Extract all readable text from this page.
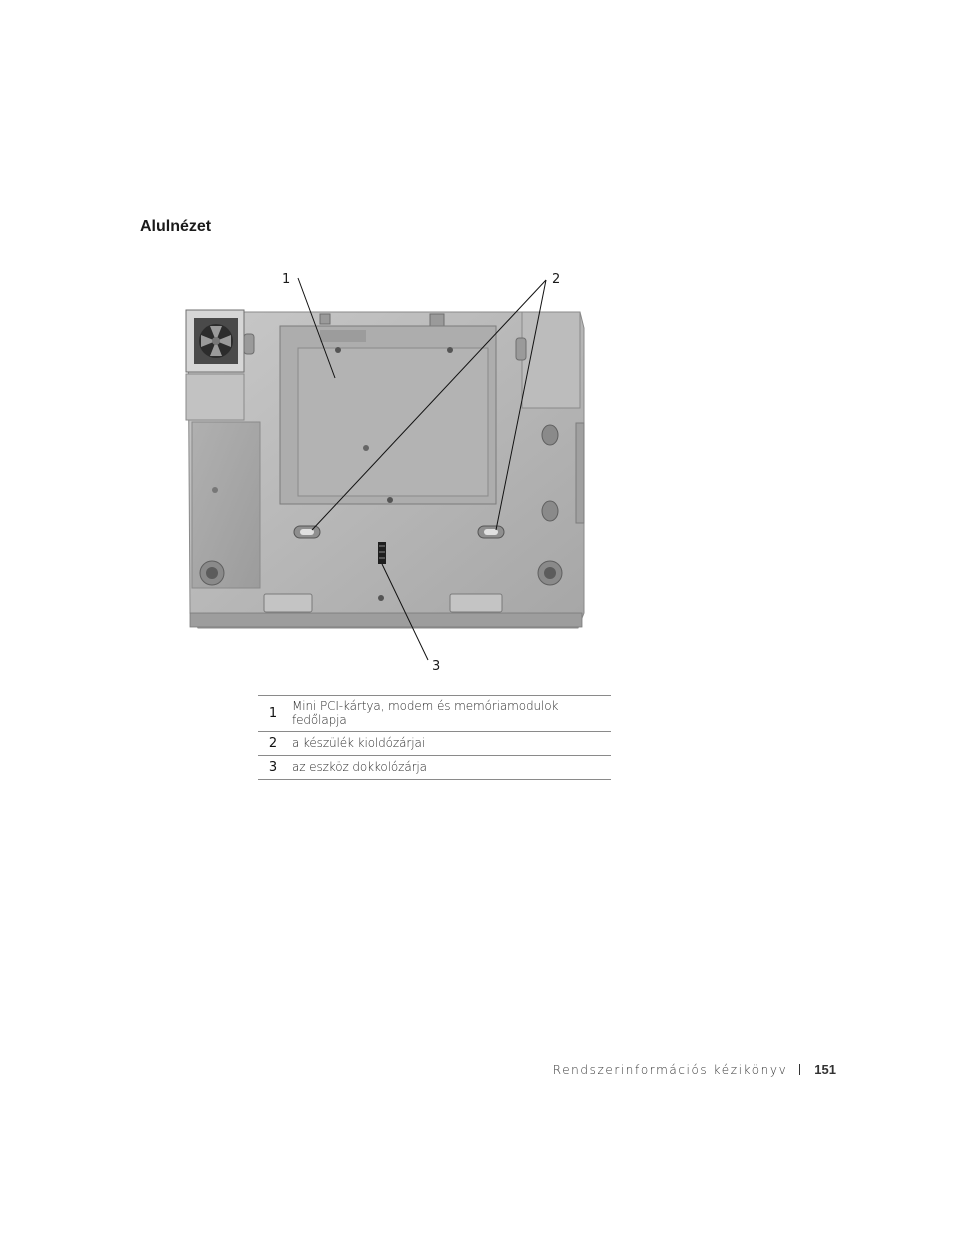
Alulnézet
1	2
3
1	Mini PCI-kártya, modem és memóriamodulok fedőlapja
2	a készülék kioldózárjai
3	az eszköz dokkolózárja
Rendszerinformációs kézikönyv 151
